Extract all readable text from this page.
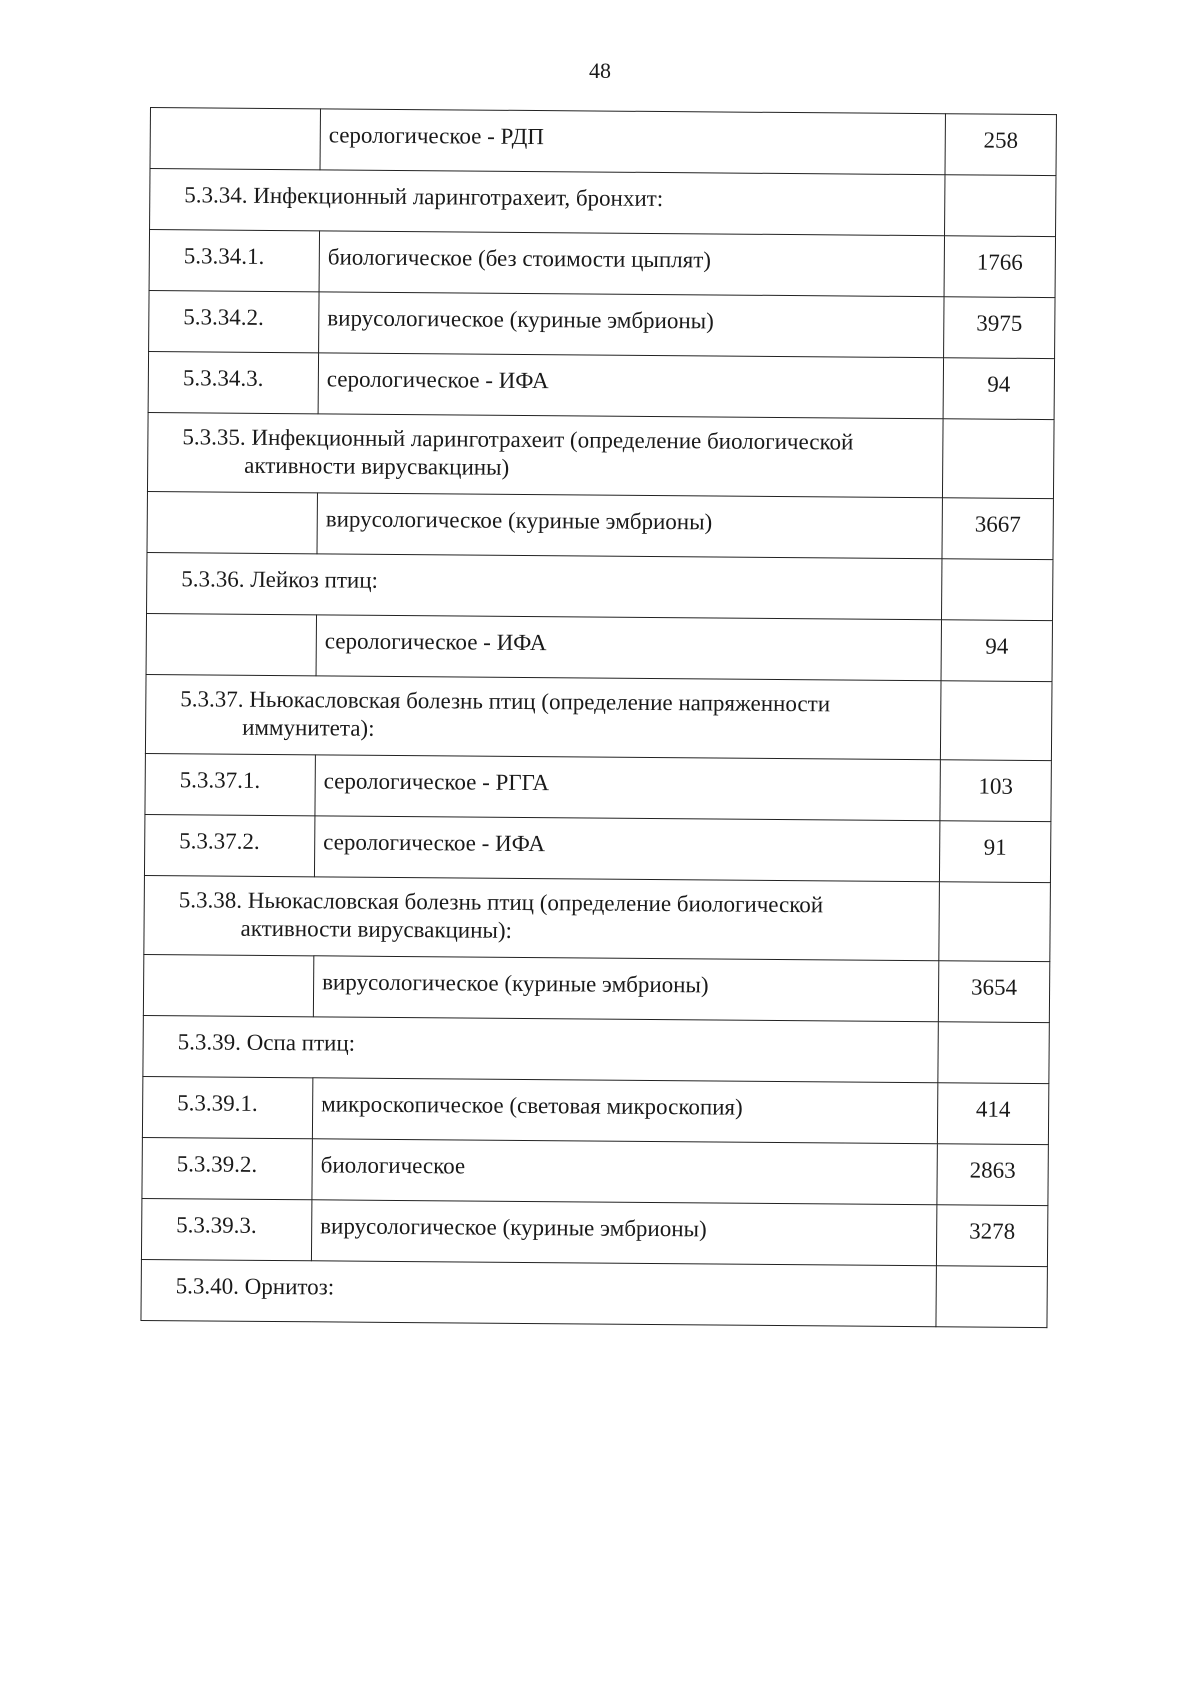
48
	серологическое - РДП	258

5.3.34. Инфекционный ларинготрахеит, бронхит:		

5.3.34.1.	биологическое (без стоимости цыплят)	1766
5.3.34.2.	вирусологическое (куриные эмбрионы)	3975
5.3.34.3.	серологическое - ИФА	94

5.3.35. Инфекционный ларинготрахеит (определение биологической активности вирусвакцины)		

	вирусологическое (куриные эмбрионы)	3667

5.3.36. Лейкоз птиц:		

	серологическое - ИФА	94

5.3.37. Ньюкасловская болезнь птиц (определение напряженности иммунитета):		

5.3.37.1.	серологическое - РГГА	103
5.3.37.2.	серологическое - ИФА	91

5.3.38. Ньюкасловская болезнь птиц (определение биологической активности вирусвакцины):		

	вирусологическое (куриные эмбрионы)	3654

5.3.39. Оспа птиц:		

5.3.39.1.	микроскопическое (световая микроскопия)	414
5.3.39.2.	биологическое	2863
5.3.39.3.	вирусологическое (куриные эмбрионы)	3278

5.3.40. Орнитоз:		
